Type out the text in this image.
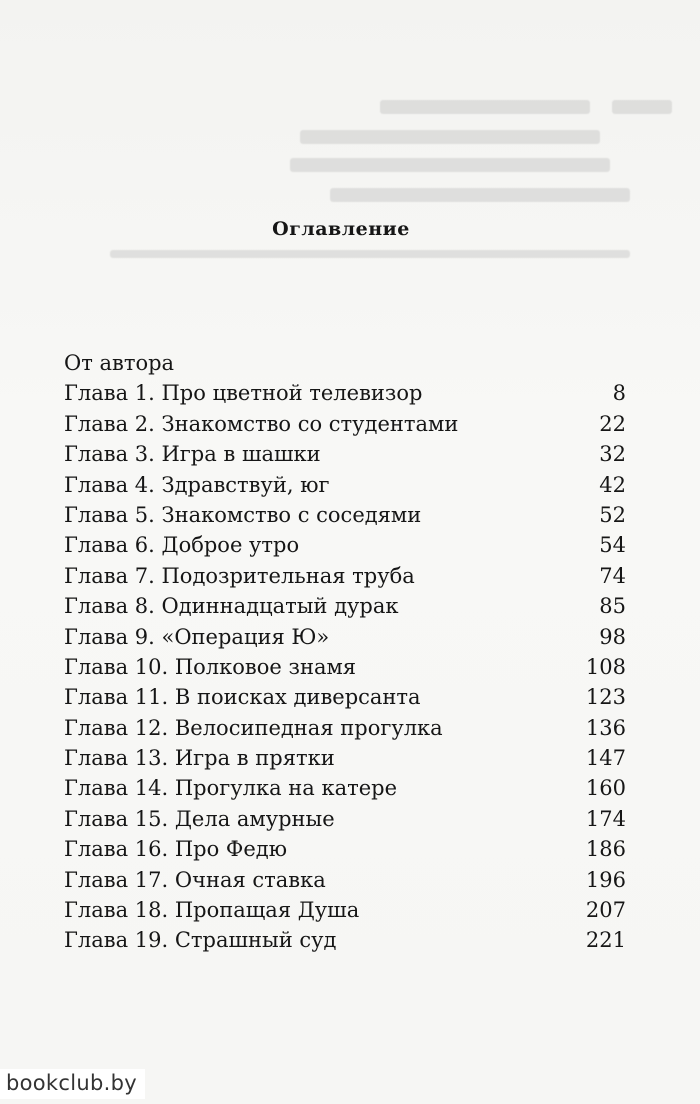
Оглавление
От автора
Глава 1. Про цветной телевизор	8
Глава 2. Знакомство со студентами	22
Глава 3. Игра в шашки	32
Глава 4. Здравствуй, юг	42
Глава 5. Знакомство с соседями	52
Глава 6. Доброе утро	54
Глава 7. Подозрительная труба	74
Глава 8. Одиннадцатый дурак	85
Глава 9. «Операция Ю»	98
Глава 10. Полковое знамя	108
Глава 11. В поисках диверсанта	123
Глава 12. Велосипедная прогулка	136
Глава 13. Игра в прятки	147
Глава 14. Прогулка на катере	160
Глава 15. Дела амурные	174
Глава 16. Про Федю	186
Глава 17. Очная ставка	196
Глава 18. Пропащая Душа	207
Глава 19. Страшный суд	221
bookclub.by
